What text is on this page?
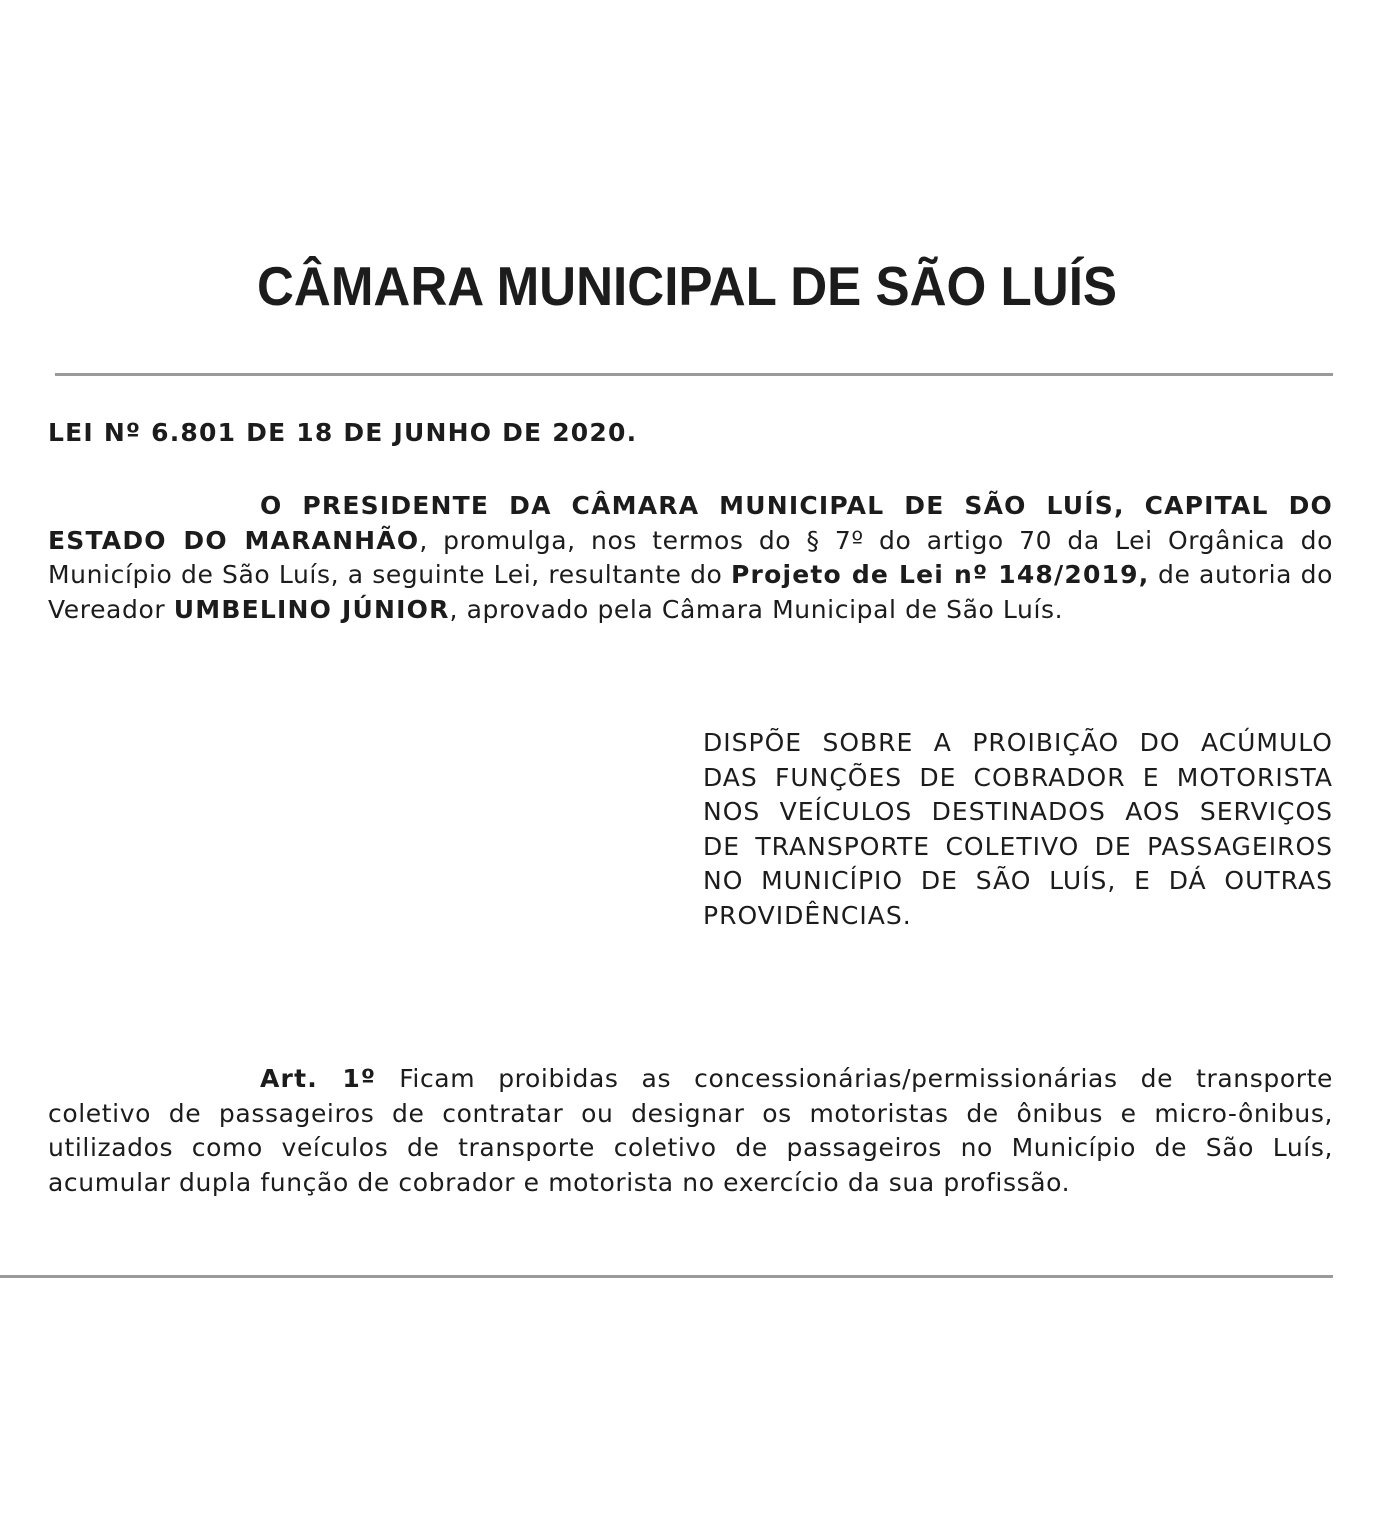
CÂMARA MUNICIPAL DE SÃO LUÍS
LEI Nº 6.801 DE 18 DE JUNHO DE 2020.

O PRESIDENTE DA CÂMARA MUNICIPAL DE SÃO LUÍS, CAPITAL DO ESTADO DO MARANHÃO, promulga, nos termos do § 7º do artigo 70 da Lei Orgânica do Município de São Luís, a seguinte Lei, resultante do Projeto de Lei nº 148/2019, de autoria do Vereador UMBELINO JÚNIOR, aprovado pela Câmara Municipal de São Luís.

DISPÕE SOBRE A PROIBIÇÃO DO ACÚMULO DAS FUNÇÕES DE COBRADOR E MOTORISTA NOS VEÍCULOS DESTINADOS AOS SERVIÇOS DE TRANSPORTE COLETIVO DE PASSAGEIROS NO MUNICÍPIO DE SÃO LUÍS, E DÁ OUTRAS PROVIDÊNCIAS.

Art. 1º Ficam proibidas as concessionárias/permissionárias de transporte coletivo de passageiros de contratar ou designar os motoristas de ônibus e micro-ônibus, utilizados como veículos de transporte coletivo de passageiros no Município de São Luís, acumular dupla função de cobrador e motorista no exercício da sua profissão.
